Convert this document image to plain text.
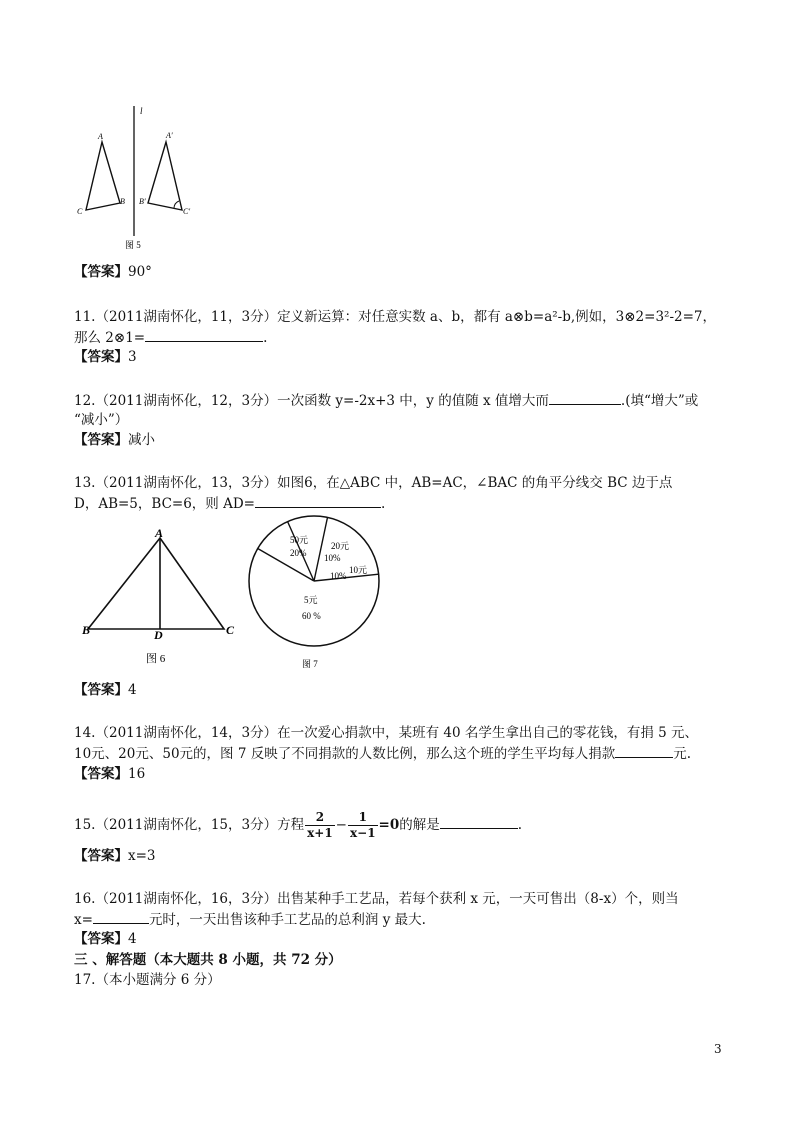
l
A
B
C
A′
B′
C′
图 5
【答案】90°
11.（2011湖南怀化，11，3分）定义新运算：对任意实数 a、b，都有 a⊗b=a²-b,例如，3⊗2=3²-2=7，
那么 2⊗1=	.
【答案】3
12.（2011湖南怀化，12，3分）一次函数 y=-2x+3 中，y 的值随 x 值增大而	.(填“增大”或
“减小”）
【答案】减小
13.（2011湖南怀化，13，3分）如图6，在△ABC 中，AB=AC，∠BAC 的角平分线交 BC 边于点
D，AB=5，BC=6，则 AD=	.
A
B	C
D
图 6
50元
20%
20元
10%
10元
10%
5元
60 %
图 7
【答案】4
14.（2011湖南怀化，14，3分）在一次爱心捐款中，某班有 40 名学生拿出自己的零花钱，有捐 5 元、
10元、20元、50元的，图 7 反映了不同捐款的人数比例，那么这个班的学生平均每人捐款	元.
【答案】16
15.（2011湖南怀化，15，3分）方程 $\frac{2}{x+1} - \frac{1}{x-1} =0$的解是	.
【答案】x=3
16.（2011湖南怀化，16，3分）出售某种手工艺品，若每个获利 x 元，一天可售出（8-x）个，则当
x=	元时，一天出售该种手工艺品的总利润 y 最大.
【答案】4
三 、解答题（本大题共 8 小题，共 72 分）
17.（本小题满分 6 分）
3
